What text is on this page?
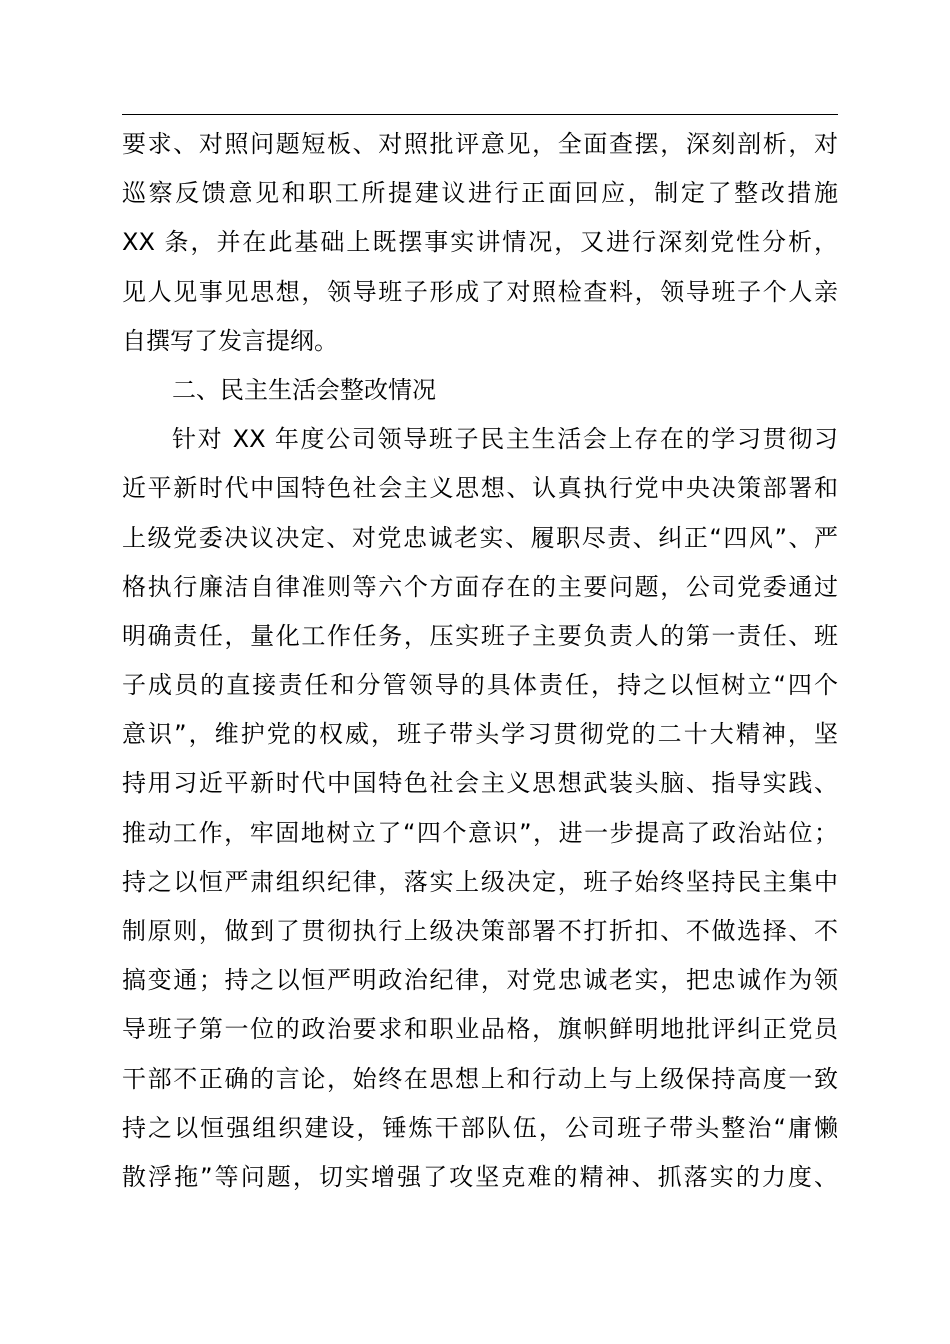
要求、对照问题短板、对照批评意见，全面查摆，深刻剖析，对
巡察反馈意见和职工所提建议进行正面回应，制定了整改措施
XX 条，并在此基础上既摆事实讲情况，又进行深刻党性分析，
见人见事见思想，领导班子形成了对照检查料，领导班子个人亲
自撰写了发言提纲。
二、民主生活会整改情况
针对 XX 年度公司领导班子民主生活会上存在的学习贯彻习
近平新时代中国特色社会主义思想、认真执行党中央决策部署和
上级党委决议决定、对党忠诚老实、履职尽责、纠正“四风”、严
格执行廉洁自律准则等六个方面存在的主要问题，公司党委通过
明确责任，量化工作任务，压实班子主要负责人的第一责任、班
子成员的直接责任和分管领导的具体责任，持之以恒树立“四个
意识”，维护党的权威，班子带头学习贯彻党的二十大精神，坚
持用习近平新时代中国特色社会主义思想武装头脑、指导实践、
推动工作，牢固地树立了“四个意识”，进一步提高了政治站位；
持之以恒严肃组织纪律，落实上级决定，班子始终坚持民主集中
制原则，做到了贯彻执行上级决策部署不打折扣、不做选择、不
搞变通；持之以恒严明政治纪律，对党忠诚老实，把忠诚作为领
导班子第一位的政治要求和职业品格，旗帜鲜明地批评纠正党员
干部不正确的言论，始终在思想上和行动上与上级保持高度一致
持之以恒强组织建设，锤炼干部队伍，公司班子带头整治“庸懒
散浮拖”等问题，切实增强了攻坚克难的精神、抓落实的力度、
